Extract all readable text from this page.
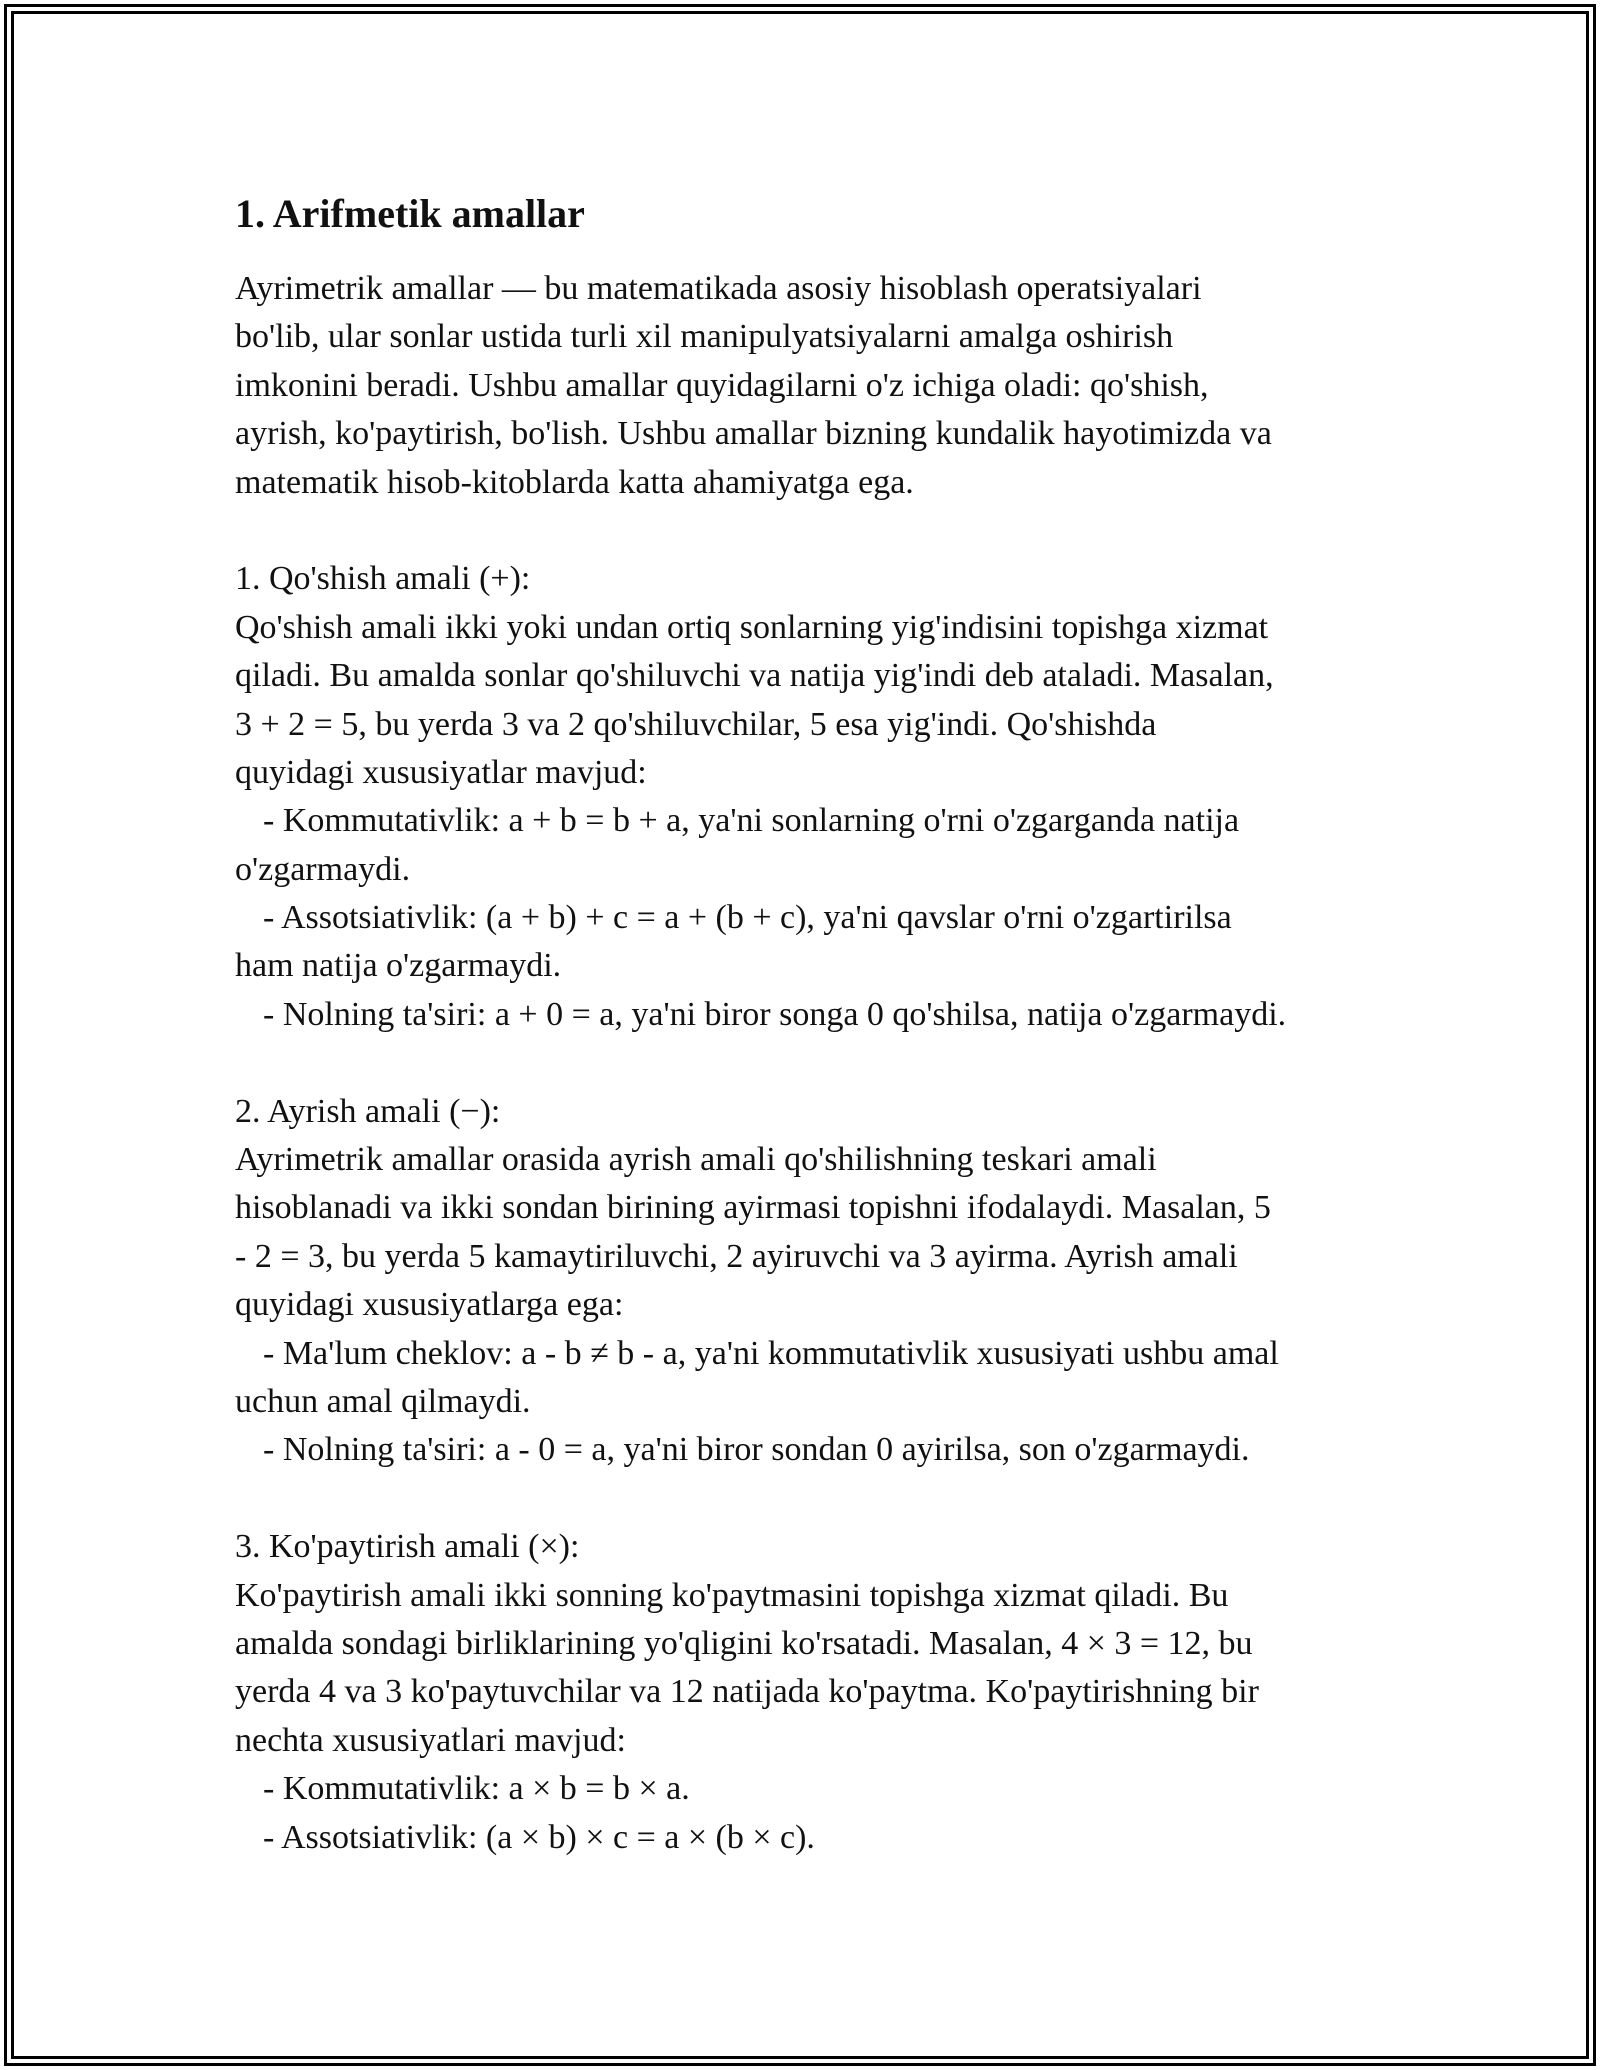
1. Arifmetik amallar
Ayrimetrik amallar — bu matematikada asosiy hisoblash operatsiyalari
bo'lib, ular sonlar ustida turli xil manipulyatsiyalarni amalga oshirish
imkonini beradi. Ushbu amallar quyidagilarni o'z ichiga oladi: qo'shish,
ayrish, ko'paytirish, bo'lish. Ushbu amallar bizning kundalik hayotimizda va
matematik hisob-kitoblarda katta ahamiyatga ega.
1. Qo'shish amali (+):
Qo'shish amali ikki yoki undan ortiq sonlarning yig'indisini topishga xizmat
qiladi. Bu amalda sonlar qo'shiluvchi va natija yig'indi deb ataladi. Masalan,
3 + 2 = 5, bu yerda 3 va 2 qo'shiluvchilar, 5 esa yig'indi. Qo'shishda
quyidagi xususiyatlar mavjud:
- Kommutativlik: a + b = b + a, ya'ni sonlarning o'rni o'zgarganda natija
o'zgarmaydi.
- Assotsiativlik: (a + b) + c = a + (b + c), ya'ni qavslar o'rni o'zgartirilsa
ham natija o'zgarmaydi.
- Nolning ta'siri: a + 0 = a, ya'ni biror songa 0 qo'shilsa, natija o'zgarmaydi.
2. Ayrish amali (−):
Ayrimetrik amallar orasida ayrish amali qo'shilishning teskari amali
hisoblanadi va ikki sondan birining ayirmasi topishni ifodalaydi. Masalan, 5
- 2 = 3, bu yerda 5 kamaytiriluvchi, 2 ayiruvchi va 3 ayirma. Ayrish amali
quyidagi xususiyatlarga ega:
- Ma'lum cheklov: a - b ≠ b - a, ya'ni kommutativlik xususiyati ushbu amal
uchun amal qilmaydi.
- Nolning ta'siri: a - 0 = a, ya'ni biror sondan 0 ayirilsa, son o'zgarmaydi.
3. Ko'paytirish amali (×):
Ko'paytirish amali ikki sonning ko'paytmasini topishga xizmat qiladi. Bu
amalda sondagi birliklarining yo'qligini ko'rsatadi. Masalan, 4 × 3 = 12, bu
yerda 4 va 3 ko'paytuvchilar va 12 natijada ko'paytma. Ko'paytirishning bir
nechta xususiyatlari mavjud:
- Kommutativlik: a × b = b × a.
- Assotsiativlik: (a × b) × c = a × (b × c).
